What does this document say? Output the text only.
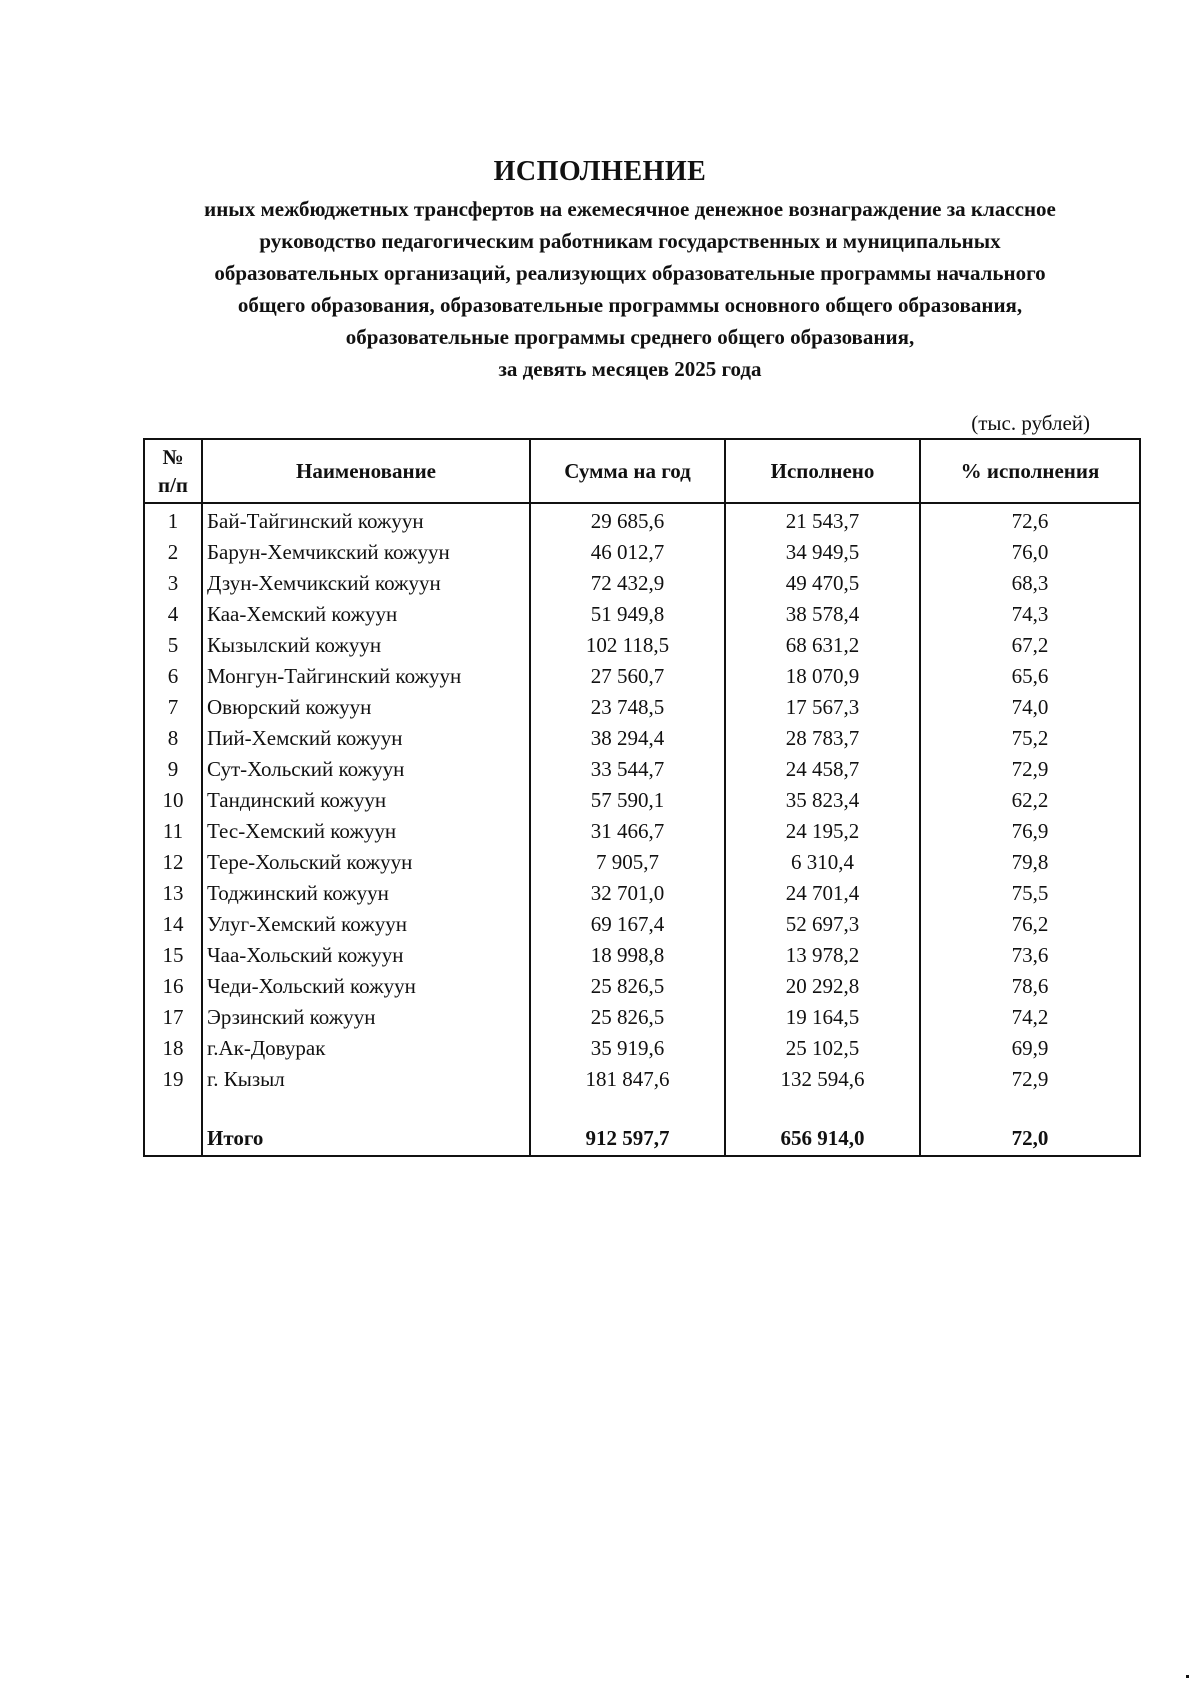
ИСПОЛНЕНИЕ
иных межбюджетных трансфертов на ежемесячное денежное вознаграждение за классное
руководство педагогическим работникам государственных и муниципальных
образовательных организаций, реализующих образовательные программы начального
общего образования, образовательные программы основного общего образования,
образовательные программы среднего общего образования,
за девять месяцев 2025 года
(тыс. рублей)
№
п/п	Наименование	Сумма на год	Исполнено	% исполнения
1	Бай-Тайгинский кожуун	29 685,6	21 543,7	72,6
2	Барун-Хемчикский кожуун	46 012,7	34 949,5	76,0
3	Дзун-Хемчикский кожуун	72 432,9	49 470,5	68,3
4	Каа-Хемский кожуун	51 949,8	38 578,4	74,3
5	Кызылский кожуун	102 118,5	68 631,2	67,2
6	Монгун-Тайгинский кожуун	27 560,7	18 070,9	65,6
7	Овюрский кожуун	23 748,5	17 567,3	74,0
8	Пий-Хемский кожуун	38 294,4	28 783,7	75,2
9	Сут-Хольский кожуун	33 544,7	24 458,7	72,9
10	Тандинский кожуун	57 590,1	35 823,4	62,2
11	Тес-Хемский кожуун	31 466,7	24 195,2	76,9
12	Тере-Хольский кожуун	7 905,7	6 310,4	79,8
13	Тоджинский кожуун	32 701,0	24 701,4	75,5
14	Улуг-Хемский кожуун	69 167,4	52 697,3	76,2
15	Чаа-Хольский кожуун	18 998,8	13 978,2	73,6
16	Чеди-Хольский кожуун	25 826,5	20 292,8	78,6
17	Эрзинский кожуун	25 826,5	19 164,5	74,2
18	г.Ак-Довурак	35 919,6	25 102,5	69,9
19	г. Кызыл	181 847,6	132 594,6	72,9

	Итого	912 597,7	656 914,0	72,0
